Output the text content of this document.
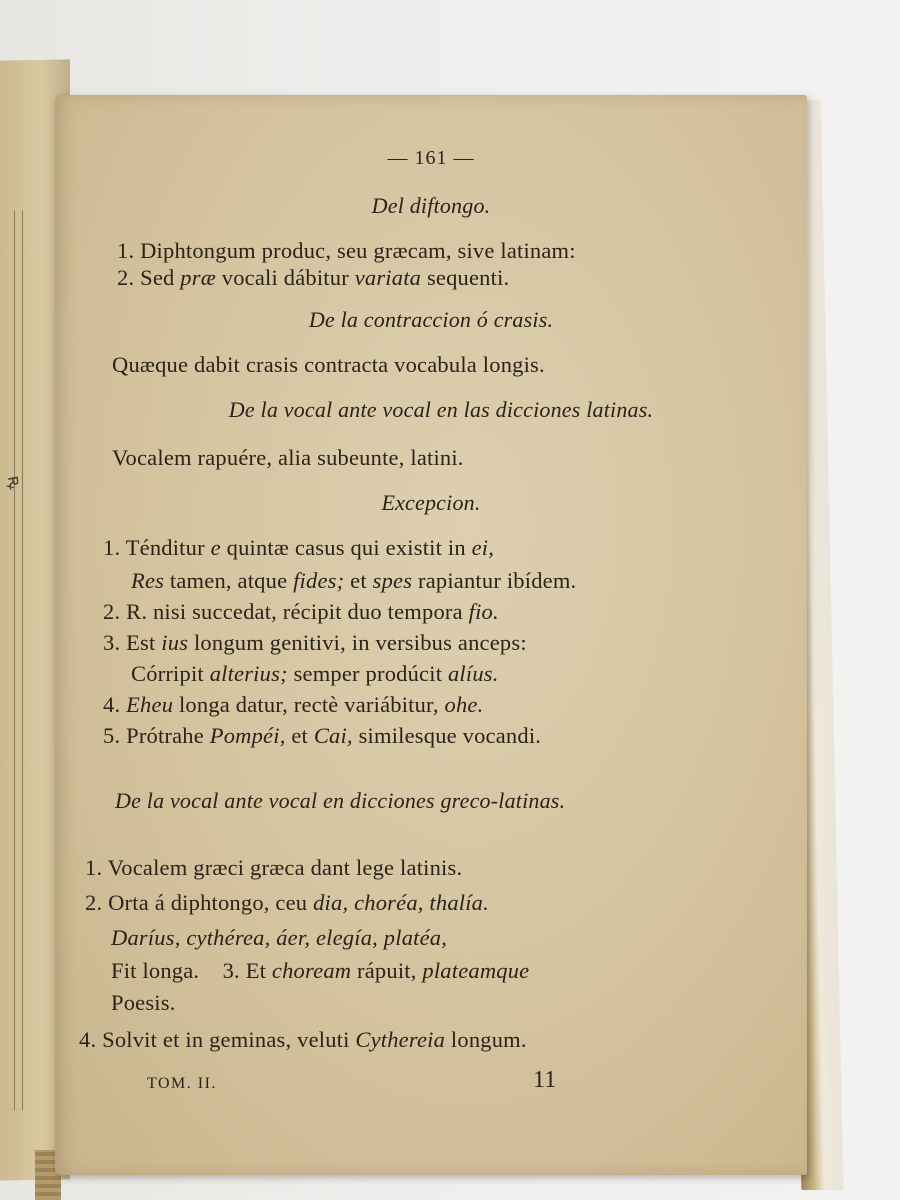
ꝶ
— 161 —
Del diftongo.
1. Diphtongum produc, seu græcam, sive latinam:
2. Sed præ vocali dábitur variata sequenti.
De la contraccion ó crasis.
Quæque dabit crasis contracta vocabula longis.
De la vocal ante vocal en las dicciones latinas.
Vocalem rapuére, alia subeunte, latini.
Excepcion.
1. Ténditur e quintæ casus qui existit in ei,
Res tamen, atque fides; et spes rapiantur ibídem.
2. R. nisi succedat, récipit duo tempora fio.
3. Est ius longum genitivi, in versibus anceps:
Córripit alterius; semper prodúcit alíus.
4. Eheu longa datur, rectè variábitur, ohe.
5. Prótrahe Pompéi, et Cai, similesque vocandi.
De la vocal ante vocal en dicciones greco-latinas.
1. Vocalem græci græca dant lege latinis.
2. Orta á diphtongo, ceu dia, choréa, thalía.
Daríus, cythérea, áer, elegía, platéa,
Fit longa. 3. Et choream rápuit, plateamque
Poesis.
4. Solvit et in geminas, veluti Cythereia longum.
TOM. II.	11
